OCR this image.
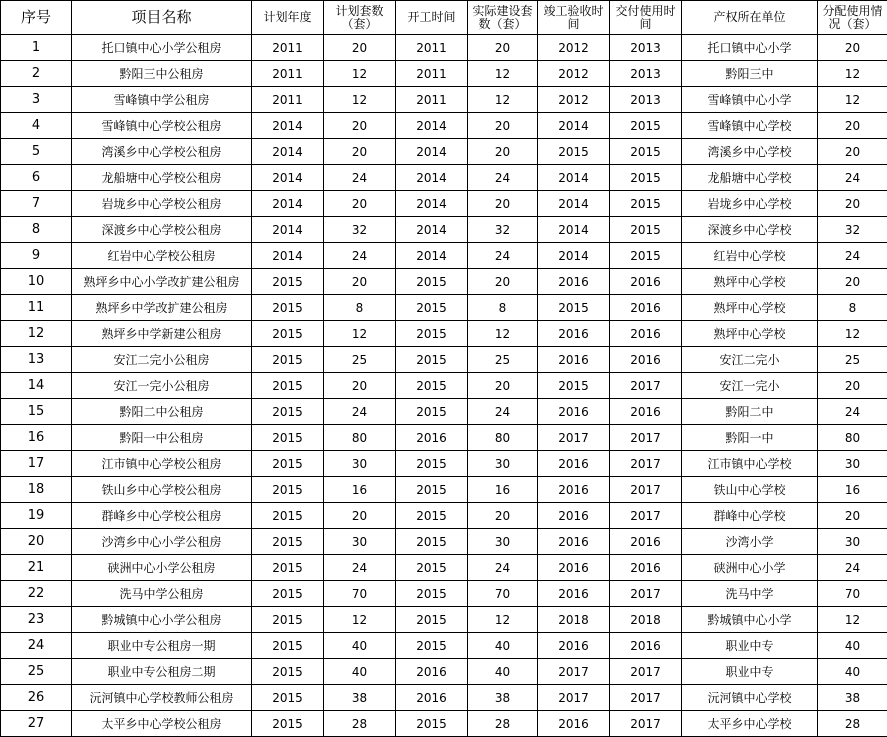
序号	项目名称	计划年度	计划套数（套）	开工时间	实际建设套数（套）	竣工验收时间	交付使用时间	产权所在单位	分配使用情况（套）
1	托口镇中心小学公租房	2011	20	2011	20	2012	2013	托口镇中心小学	20
2	黔阳三中公租房	2011	12	2011	12	2012	2013	黔阳三中	12
3	雪峰镇中学公租房	2011	12	2011	12	2012	2013	雪峰镇中心小学	12
4	雪峰镇中心学校公租房	2014	20	2014	20	2014	2015	雪峰镇中心学校	20
5	湾溪乡中心学校公租房	2014	20	2014	20	2015	2015	湾溪乡中心学校	20
6	龙船塘中心学校公租房	2014	24	2014	24	2014	2015	龙船塘中心学校	24
7	岩垅乡中心学校公租房	2014	20	2014	20	2014	2015	岩垅乡中心学校	20
8	深渡乡中心学校公租房	2014	32	2014	32	2014	2015	深渡乡中心学校	32
9	红岩中心学校公租房	2014	24	2014	24	2014	2015	红岩中心学校	24
10	熟坪乡中心小学改扩建公租房	2015	20	2015	20	2016	2016	熟坪中心学校	20
11	熟坪乡中学改扩建公租房	2015	8	2015	8	2015	2016	熟坪中心学校	8
12	熟坪乡中学新建公租房	2015	12	2015	12	2016	2016	熟坪中心学校	12
13	安江二完小公租房	2015	25	2015	25	2016	2016	安江二完小	25
14	安江一完小公租房	2015	20	2015	20	2015	2017	安江一完小	20
15	黔阳二中公租房	2015	24	2015	24	2016	2016	黔阳二中	24
16	黔阳一中公租房	2015	80	2016	80	2017	2017	黔阳一中	80
17	江市镇中心学校公租房	2015	30	2015	30	2016	2017	江市镇中心学校	30
18	铁山乡中心学校公租房	2015	16	2015	16	2016	2017	铁山中心学校	16
19	群峰乡中心学校公租房	2015	20	2015	20	2016	2017	群峰中心学校	20
20	沙湾乡中心小学公租房	2015	30	2015	30	2016	2016	沙湾小学	30
21	硖洲中心小学公租房	2015	24	2015	24	2016	2016	硖洲中心小学	24
22	洗马中学公租房	2015	70	2015	70	2016	2017	洗马中学	70
23	黔城镇中心小学公租房	2015	12	2015	12	2018	2018	黔城镇中心小学	12
24	职业中专公租房一期	2015	40	2015	40	2016	2016	职业中专	40
25	职业中专公租房二期	2015	40	2016	40	2017	2017	职业中专	40
26	沅河镇中心学校教师公租房	2015	38	2016	38	2017	2017	沅河镇中心学校	38
27	太平乡中心学校公租房	2015	28	2015	28	2016	2017	太平乡中心学校	28
